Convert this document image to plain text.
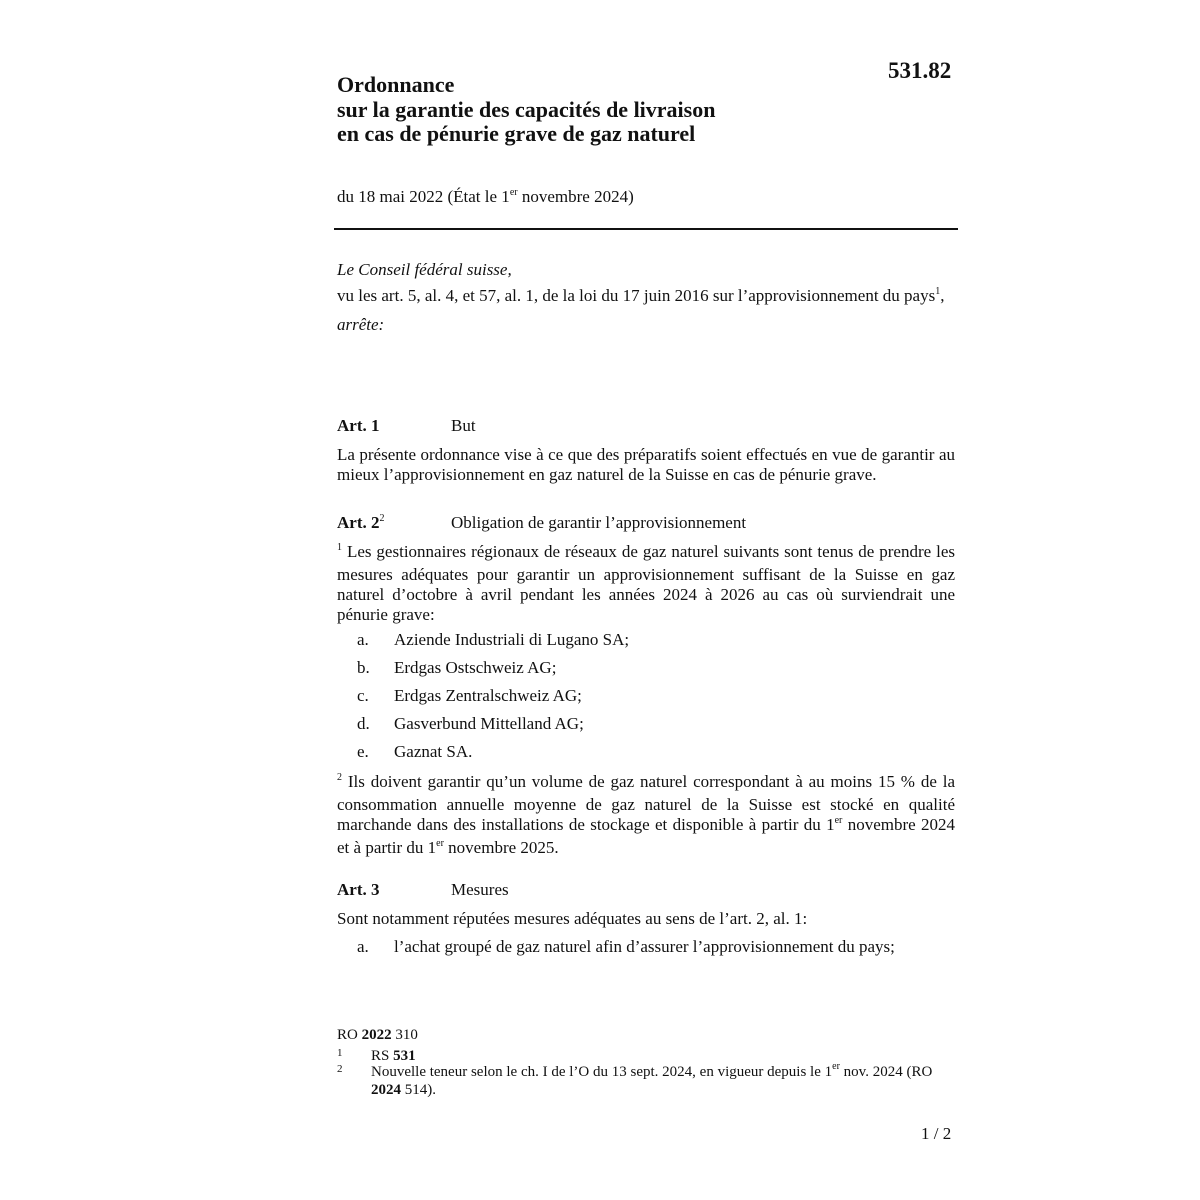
531.82
Ordonnance
sur la garantie des capacités de livraison
en cas de pénurie grave de gaz naturel
du 18 mai 2022 (État le 1er novembre 2024)

Le Conseil fédéral suisse,

vu les art. 5, al. 4, et 57, al. 1, de la loi du 17 juin 2016 sur l’approvisionnement du pays$^1$,

arrête:

Art. 1	But

La présente ordonnance vise à ce que des préparatifs soient effectués en vue de garantir au mieux l’approvisionnement en gaz naturel de la Suisse en cas de pénurie grave.

Art. $2^2$	Obligation de garantir l’approvisionnement

$^1$ Les gestionnaires régionaux de réseaux de gaz naturel suivants sont tenus de prendre les mesures adéquates pour garantir un approvisionnement suffisant de la Suisse en gaz naturel d’octobre à avril pendant les années 2024 à 2026 au cas où surviendrait une pénurie grave:

a. Aziende Industriali di Lugano SA;
b. Erdgas Ostschweiz AG;
c. Erdgas Zentralschweiz AG;
d. Gasverbund Mittelland AG;
e. Gaznat SA.

$^2$ Ils doivent garantir qu’un volume de gaz naturel correspondant à au moins 15 % de la consommation annuelle moyenne de gaz naturel de la Suisse est stocké en qualité marchande dans des installations de stockage et disponible à partir du 1er novembre 2024 et à partir du 1er novembre 2025.

Art. 3	Mesures

Sont notamment réputées mesures adéquates au sens de l’art. 2, al. 1:

a. l’achat groupé de gaz naturel afin d’assurer l’approvisionnement du pays;
RO 2022 310
1 RS 531
2 Nouvelle teneur selon le ch. I de l’O du 13 sept. 2024, en vigueur depuis le 1er nov. 2024 (RO 2024 514).
1 / 2
